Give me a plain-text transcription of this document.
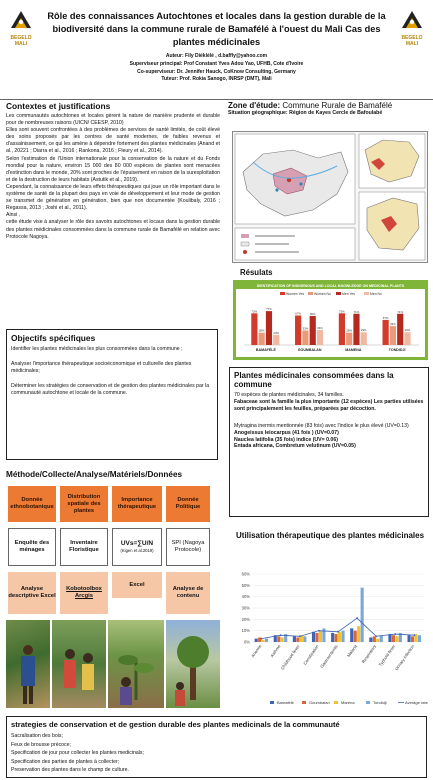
BEGELO MALI
BEGELO MALI
Rôle des connaissances Autochtones et locales dans la gestion durable de la biodiversité dans la commune rurale de Bamafélé à l'ouest du Mali Cas des plantes médicinales
Auteur: Fily Diéklélé , d.baffly@yahoo.com
Superviseur principal: Prof Constant Yves Adou Yao, UFHB, Cote d'Ivoire
Co-superviseur: Dr. Jennifer Hauck, CoKnow Consulting, Germany
Tuteur: Prof. Rokia Sanogo, INRSP (DMT), Mali
Contextes et justifications

Les communautés autochtones et locales gèrent la nature de manière prudente et durable pour de nombreuses raisons (UICN/ CEESP, 2010)

Elles sont souvent confrontées à des problèmes de services de santé limités, de coût élevé des soins proposés par les centres de santé modernes, de faibles revenus et d'assainissement, ce qui les amène à dépendre fortement des plantes médicinales (Anand et al., 20221 ; Diarra et al., 2016 ; Rankona, 2016 ; Fleury et al., 2014).

Selon l'estimation de l'Union internationale pour la conservation de la nature et du Fonds mondial pour la nature, environ 15 000 des 80 000 espèces de plantes sont menacées d'extinction dans le monde, 20% sont proches de l'épuisement en raison de la surexploitation et de la destruction de leurs habitats (Astutik et al., 2019).

Cependant, la connaissance de leurs effets thérapeutiques qui joue un rôle important dans le système de santé de la plupart des pays en voie de développement et leur mode de gestion se transmet de génération en génération, bien que non documentée (Koulibaly, 2016 ; Regassa, 2013 ; Joshi et al., 2011).

Ainsi ,

cette étude vise à analyser le rôle des savoirs autochtones et locaux dans la gestion durable des plantes médicinales consommées dans la commune rurale de Bamafélé en relation avec Protocole Nagoya.

Objectifs spécifiques

Identifier les plantes médicinales les plus consommées dans la commune ;

Analyser l'importance thérapeutique socioéconomique et culturelle des plantes médicinales;

Déterminer les stratégies de conservation et de gestion des plantes médicinales par la communauté autochtone et locale de la commune.

Méthode/Collecte/Analyse/Matériels/Données
Donnée ethnobotanique
Distribution spatiale des plantes
Importance thérapeutique
Donnée Politique
Enquête des ménages
Inventaire Floristique
UVs=∑U/N
(Kigen et al.2019)
SPI (Nagoya Protocole)
Analyse descriptive Excel
Kobotoolbox Arcgis
Excel
Analyse de contenu
Zone d'étude: Commune Rurale de Bamafélé
Situation géographique: Région de Kayes Cercle de Bafoulabé
Résulats
IDENTIFICATION OF INDIGENOUS AND LOCAL KNOWLEDGE ON MEDICINAL PLANTS
Women Yes	Women No	Men Yes	Men No
72%
28%
77%
23%
BAMAFÉLÉ
67%
33%
66%
34%
GOUMBALAN
72%
28%
71%
29%
MAMENA
57%
43%
71%
29%
TONDIDJI
Plantes médicinales consommées dans la commune

70 espèces de plantes médicinales, 34 familles.

Fabaceae sont la famille la plus importante (12 espèces) Les parties utilisées sont principalement les feuilles, préparées par décoction.

Mytragina inermis mentionnée (83 fois) avec l'indice le plus élevé (UV=0.13)

Anogeissus leiocarpus (41 fois ) (UV=0.07)

Nauclea latifolia (35 fois) indice (UV= 0.06)

Entada africana, Combretum velutinum (UV=0.05)

Utilisation thérapeutique des plantes médicinales
0%
10%
20%
30%
40%
50%
60%
Anemie Asthme
Childhood fever Constipation Gastroenteritis Malaria Respiratory Typhoid fever
Urinary infection
Bamafélé	Goumbalan	Maréna	Tondidji	Average rate
strategies de conservation et de gestion durable des plantes medicinals de la communauté
Sacralisation des bois;
Feux de brousse précoce;
Specification de jour pour collecter les plantes medicinals;
Specification des parties de plantes à collecter;
Preservation des plantes dans le champ de culture.
